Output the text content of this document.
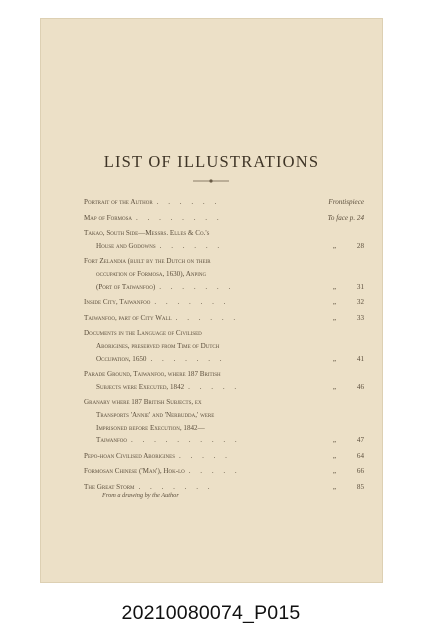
LIST OF ILLUSTRATIONS
Portrait of the Author . . . . . .	Frontispiece
Map of Formosa . . . . . . . .	To face p. 24
Takao, South Side—Messrs. Elles & Co.'s
House and Godowns . . . . . .	„	28
Fort Zelandia (built by the Dutch on their
occupation of Formosa, 1630), Anping
(Port of Taiwanfoo) . . . . . . .	„	31
Inside City, Taiwanfoo . . . . . . .	„	32
Taiwanfoo, part of City Wall . . . . . .	„	33
Documents in the Language of Civilised
Aborigines, preserved from Time of Dutch
Occupation, 1650 . . . . . . .	„	41
Parade Ground, Taiwanfoo, where 187 British
Subjects were Executed, 1842 . . . . .	„	46
Granary where 187 British Subjects, ex
Transports 'Annie' and 'Nerbudda,' were
Imprisoned before Execution, 1842—
Taiwanfoo . . . . . . . . . .	„	47
Pepo-hoan Civilised Aborigines . . . . .	„	64
Formosan Chinese ('Man'), Hok-lo . . . . .	„	66
The Great Storm . . . . . . .	„	85
From a drawing by the Author
20210080074_P015
